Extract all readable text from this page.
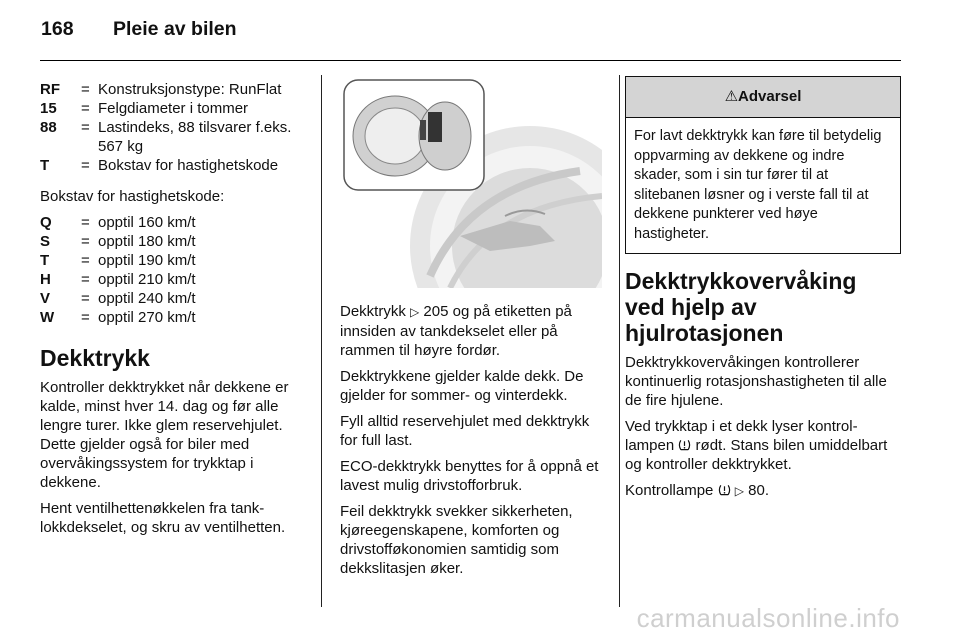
168 Pleie av bilen
RF	= Konstruksjonstype: RunFlat
15	= Felgdiameter i tommer
88	= Lastindeks, 88 tilsvarer f.eks. 567 kg
T	= Bokstav for hastighetskode

Bokstav for hastighetskode:

Q	= opptil 160 km/t
S	= opptil 180 km/t
T	= opptil 190 km/t
H	= opptil 210 km/t
V	= opptil 240 km/t
W	= opptil 270 km/t
Dekktrykk

Kontroller dekktrykket når dekkene er kalde, minst hver 14. dag og før alle lengre turer. Ikke glem reservehjulet. Dette gjelder også for biler med overvåkingssystem for trykktap i dekkene.

Hent ventilhettenøkkelen fra tanklokkdekselet, og skru av ventilhetten.

Dekktrykk ▷ 205 og på etiketten på innsiden av tankdekselet eller på rammen til høyre fordør.

Dekktrykkene gjelder kalde dekk. De gjelder for sommer- og vinterdekk.

Fyll alltid reservehjulet med dekktrykk for full last.

ECO-dekktrykk benyttes for å oppnå et lavest mulig drivstofforbruk.

Feil dekktrykk svekker sikkerheten, kjøreegenskapene, komforten og drivstofføkonomien samtidig som dekkslitasjen øker.

⚠Advarsel
For lavt dekktrykk kan føre til betydelig oppvarming av dekkene og indre skader, som i sin tur fører til at slitebanen løsner og i verste fall til at dekkene punkterer ved høye hastigheter.
Dekktrykkovervåking ved hjelp av hjulrotasjonen

Dekktrykkovervåkingen kontrollerer kontinuerlig rotasjonshastigheten til alle de fire hjulene.

Ved trykktap i et dekk lyser kontrollampen rødt. Stans bilen umiddelbart og kontroller dekktrykket.

Kontrollampe ▷ 80.

carmanualsonline.info
